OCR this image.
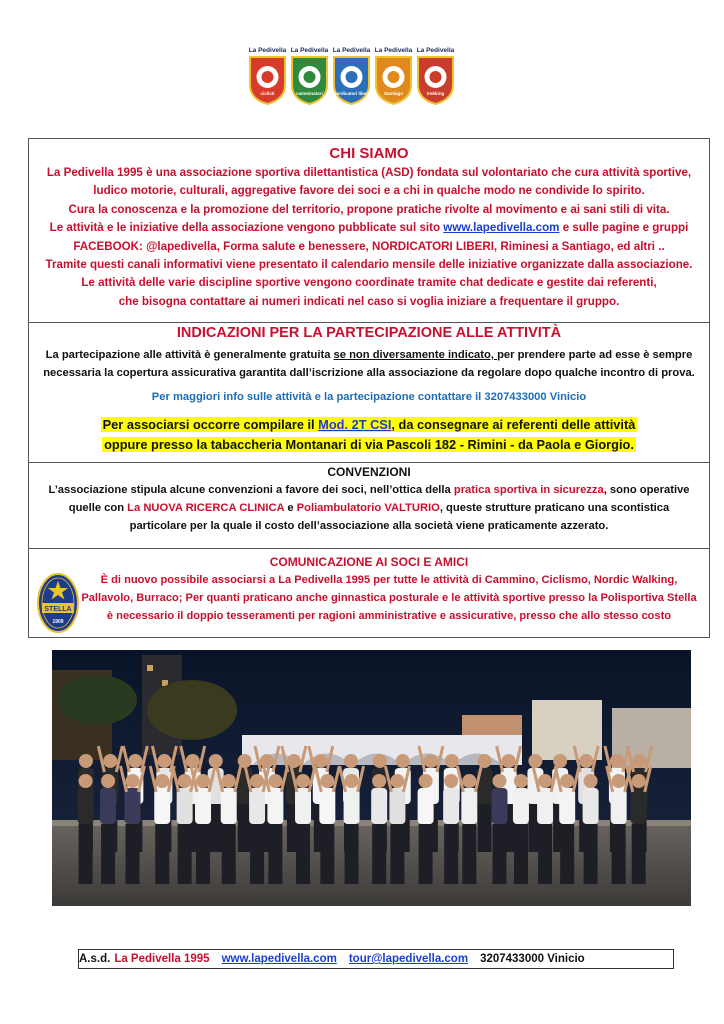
La Pedivella
ciclisti
La Pedivella
camminatori
La Pedivella
nordicatori liberi
La Pedivella
Santiago
La Pedivella
trekking
CHI SIAMO
La Pedivella 1995 è una associazione sportiva dilettantistica (ASD) fondata sul volontariato che cura attività sportive,
ludico motorie, culturali, aggregative favore dei soci e a chi in qualche modo ne condivide lo spirito.
Cura la conoscenza e la promozione del territorio, propone pratiche rivolte al movimento e ai sani stili di vita.
Le attività e le iniziative della associazione vengono pubblicate sul sito www.lapedivella.com e sulle pagine e gruppi
FACEBOOK: @lapedivella, Forma salute e benessere, NORDICATORI LIBERI, Riminesi a Santiago, ed altri ..
Tramite questi canali informativi viene presentato il calendario mensile delle iniziative organizzate dalla associazione.
Le attività delle varie discipline sportive vengono coordinate tramite chat dedicate e gestite dai referenti,
che bisogna contattare ai numeri indicati nel caso si voglia iniziare a frequentare il gruppo.
INDICAZIONI PER LA PARTECIPAZIONE ALLE ATTIVITÀ
La partecipazione alle attività è generalmente gratuita se non diversamente indicato, per prendere parte ad esse è sempre
necessaria la copertura assicurativa garantita dall’iscrizione alla associazione da regolare dopo qualche incontro di prova.
Per maggiori info sulle attività e la partecipazione contattare il 3207433000 Vinicio
Per associarsi occorre compilare il Mod. 2T CSI, da consegnare ai referenti delle attività
oppure presso la tabaccheria Montanari di via Pascoli 182 - Rimini - da Paola e Giorgio.
CONVENZIONI
L’associazione stipula alcune convenzioni a favore dei soci, nell’ottica della pratica sportiva in sicurezza, sono operative
quelle con La NUOVA RICERCA CLINICA e Poliambulatorio VALTURIO, queste strutture praticano una scontistica
particolare per la quale il costo dell’associazione alla società viene praticamente azzerato.
COMUNICAZIONE AI SOCI E AMICI
STELLA
1909
È di nuovo possibile associarsi a La Pedivella 1995 per tutte le attività di Cammino, Ciclismo, Nordic Walking,
Pallavolo, Burraco; Per quanti praticano anche ginnastica posturale e le attività sportive presso la Polisportiva Stella
è necessario il doppio tesseramenti per ragioni amministrative e assicurative, presso che allo stesso costo
A.s.d. La Pedivella 1995 www.lapedivella.com tour@lapedivella.com 3207433000 Vinicio
